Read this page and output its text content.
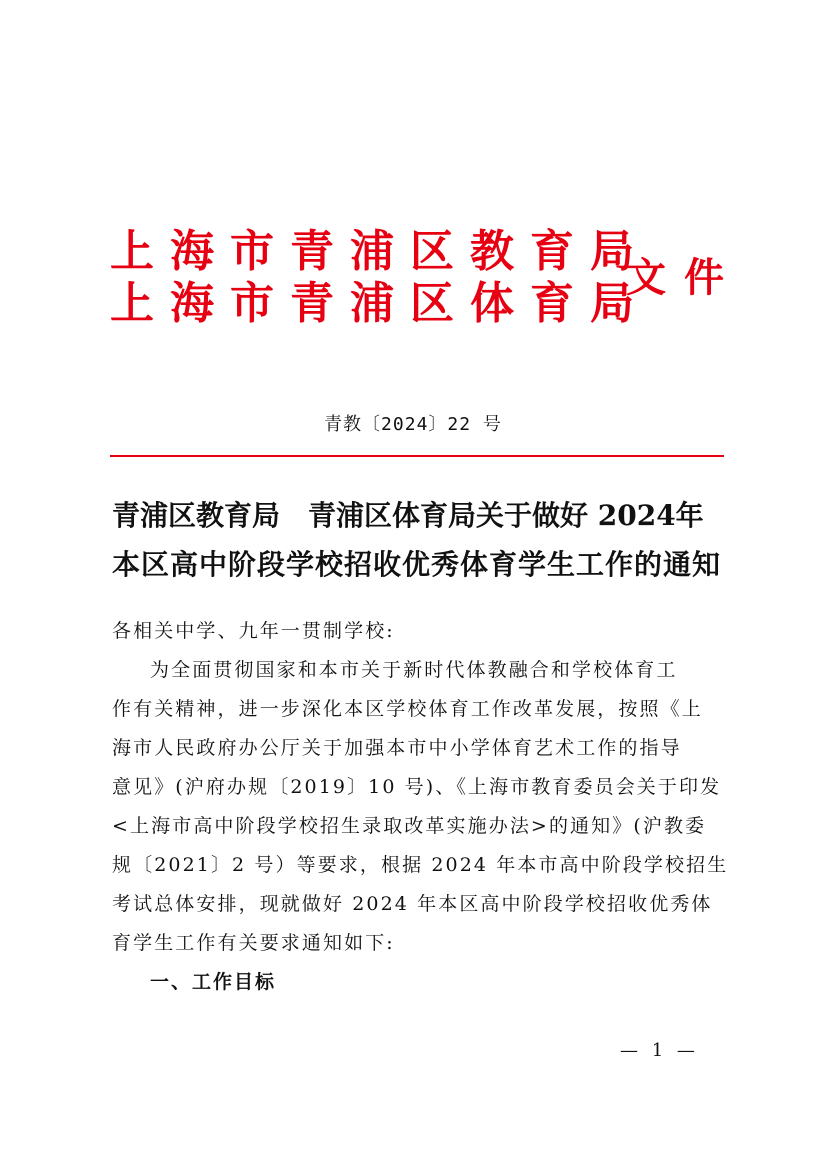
上海市青浦区教育局
上海市青浦区体育局
文件
青教〔2024〕22 号
青浦区教育局　青浦区体育局关于做好 2024年
本区高中阶段学校招收优秀体育学生工作的通知
各相关中学、九年一贯制学校:
为全面贯彻国家和本市关于新时代体教融合和学校体育工
作有关精神，进一步深化本区学校体育工作改革发展，按照《上
海市人民政府办公厅关于加强本市中小学体育艺术工作的指导
意见》(沪府办规〔2019〕10 号)、《上海市教育委员会关于印发
<上海市高中阶段学校招生录取改革实施办法>的通知》(沪教委
规〔2021〕2 号）等要求，根据 2024 年本市高中阶段学校招生
考试总体安排，现就做好 2024 年本区高中阶段学校招收优秀体
育学生工作有关要求通知如下:
一、工作目标
— 1 —
